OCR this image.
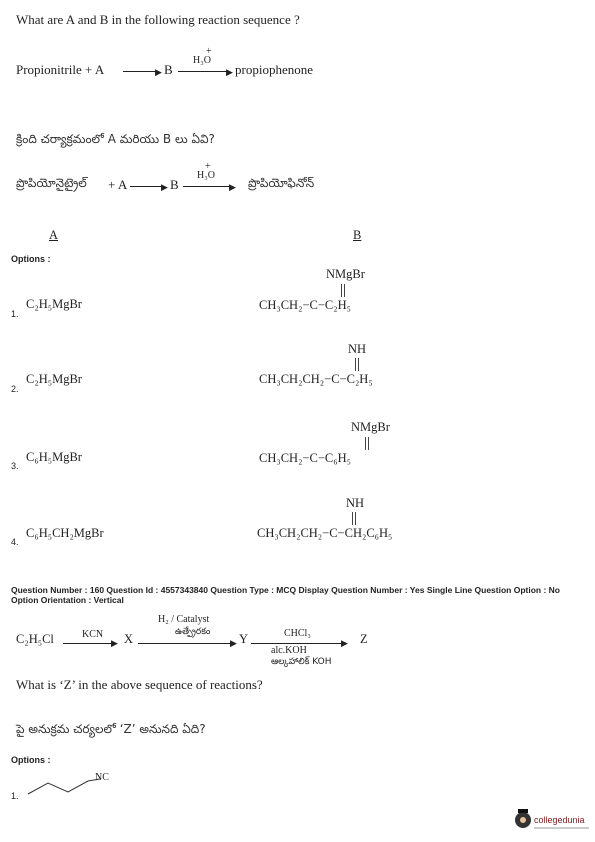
What are A and B in the following reaction sequence ?
Propionitrile + A	▶ B
+
H₃O
▶ propiophenone
క్రింది చర్యాక్రమంలో A మరియు B లు ఏవి?
ప్రొపియోనైట్రైల్ + A	▶ B
+
H₃O
▶ ప్రొపియోఫినోన్
A	B
Options :
NMgBr
1.
C₂H₅MgBr	CH₃CH₂−C−C₂H₅
NH
2.
C₂H₅MgBr	CH₃CH₂CH₂−C−C₂H₅
NMgBr
3.
C₆H₅MgBr	CH₃CH₂−C−C₆H₅
NH
4.
C₆H₅CH₂MgBr	CH₃CH₂CH₂−C−CH₂C₆H₅
Question Number : 160 Question Id : 4557343840 Question Type : MCQ Display Question Number : Yes Single Line Question Option : No Option Orientation : Vertical
C₂H₅Cl	KCN
▶ X
H₂ / Catalyst
▶
ఉత్ప్రేరకం Y	CHCl₃
▶
alc.KOH
ఆల్కహాలిక్ KOH
Z
What is ‘Z’ in the above sequence of reactions?
పై అనుక్రమ చర్యలలో ‘Z’ అనునది ఏది?
Options :
NC
1.
collegedunia
